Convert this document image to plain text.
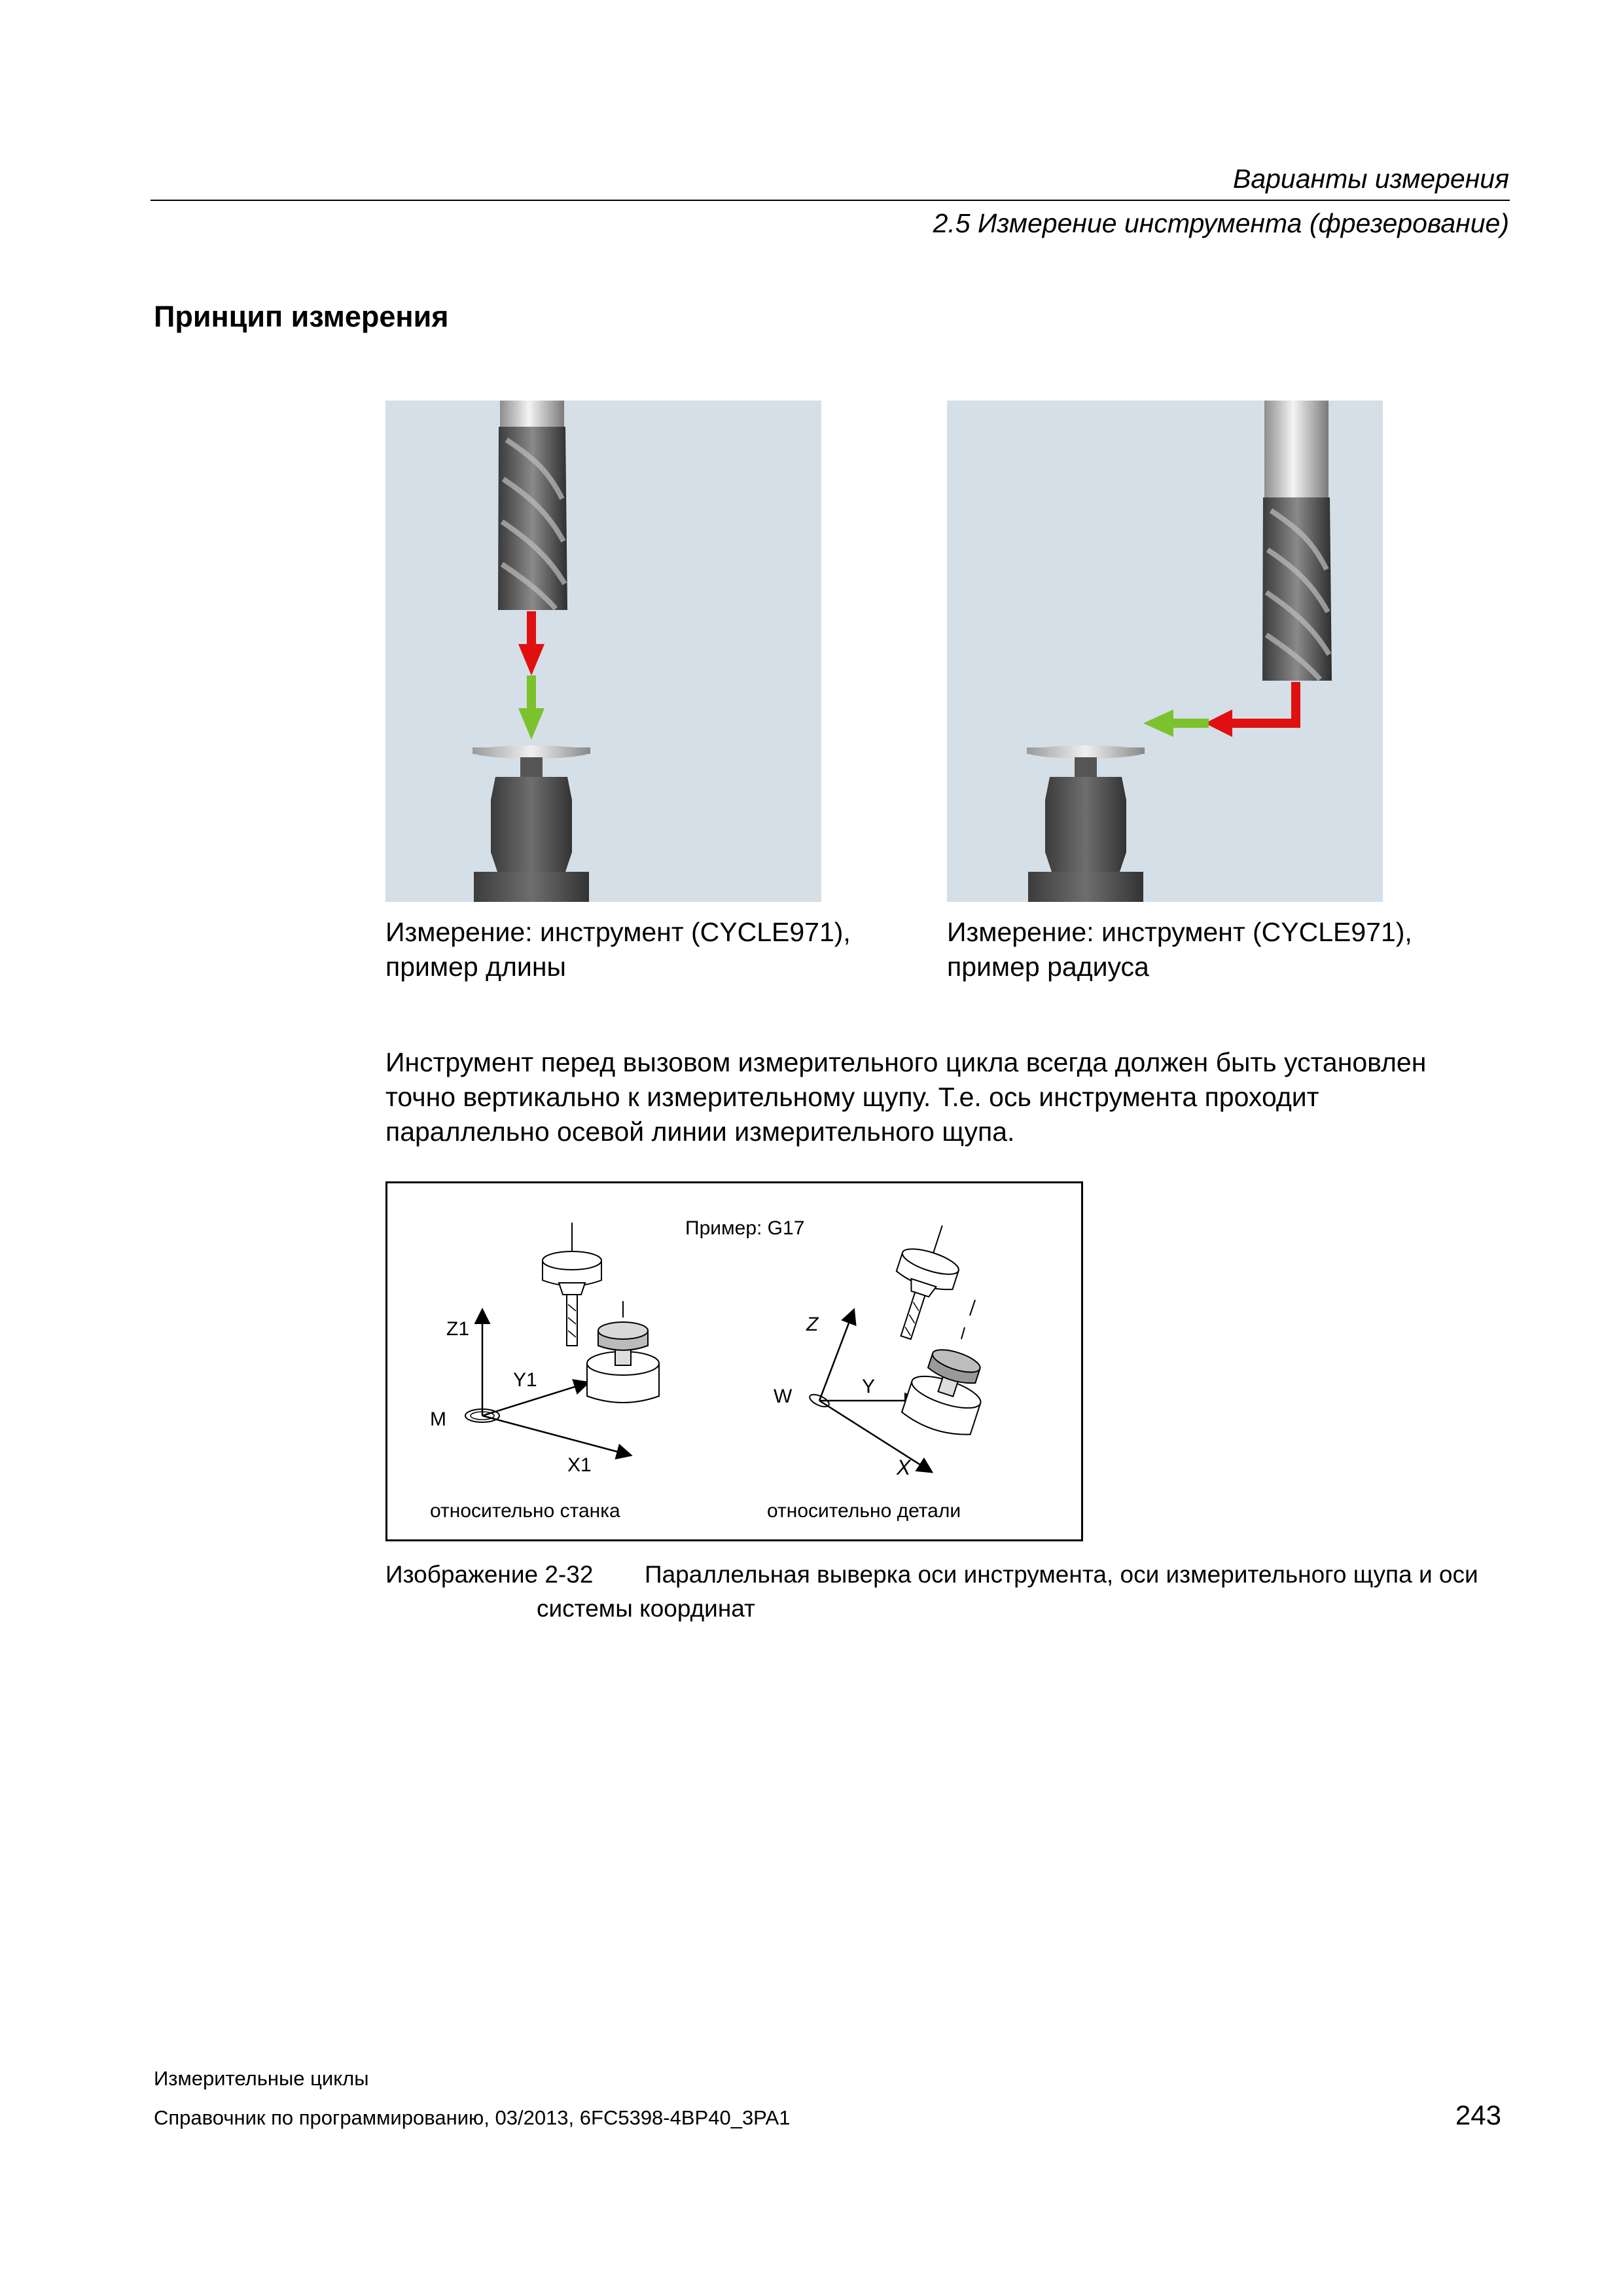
Варианты измерения
2.5 Измерение инструмента (фрезерование)
Принцип измерения
Измерение: инструмент (CYCLE971),
пример длины
Измерение: инструмент (CYCLE971),
пример радиуса
Инструмент перед вызовом измерительного цикла всегда должен быть установлен
точно вертикально к измерительному щупу. Т.е. ось инструмента проходит
параллельно осевой линии измерительного щупа.
Пример: G17
Z1
Y1
X1
M
Z
Y
X
W
относительно станка	относительно детали
Изображение 2-32 Параллельная выверка оси инструмента, оси измерительного щупа и оси
системы координат
Измерительные циклы
Справочник по программированию, 03/2013, 6FC5398-4BP40_3PA1	243
